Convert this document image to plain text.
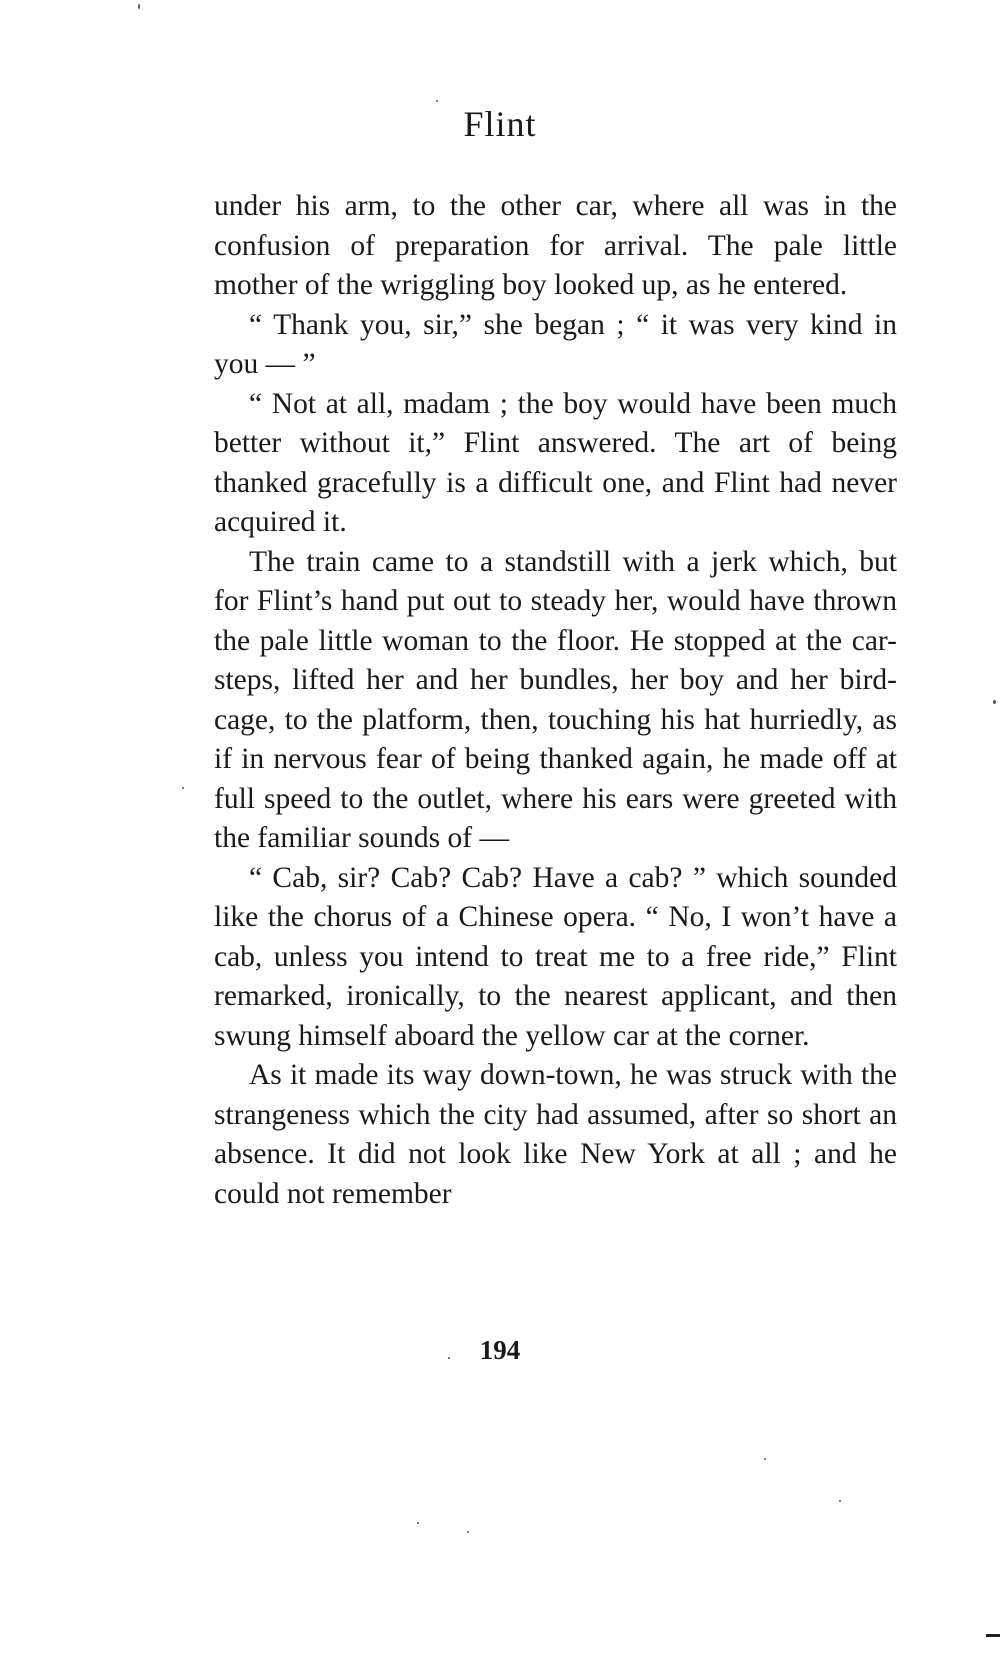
Flint

under his arm, to the other car, where all was in the confusion of preparation for arrival. The pale little mother of the wriggling boy looked up, as he entered.

“ Thank you, sir,” she began ; “ it was very kind in you — ”

“ Not at all, madam ; the boy would have been much better without it,” Flint answered. The art of being thanked gracefully is a difficult one, and Flint had never acquired it.

The train came to a standstill with a jerk which, but for Flint’s hand put out to steady her, would have thrown the pale little woman to the floor. He stopped at the car-steps, lifted her and her bundles, her boy and her bird-cage, to the platform, then, touching his hat hurriedly, as if in nervous fear of being thanked again, he made off at full speed to the outlet, where his ears were greeted with the familiar sounds of —

“ Cab, sir? Cab? Cab? Have a cab? ” which sounded like the chorus of a Chinese opera. “ No, I won’t have a cab, unless you intend to treat me to a free ride,” Flint remarked, ironically, to the nearest applicant, and then swung himself aboard the yellow car at the corner.

As it made its way down-town, he was struck with the strangeness which the city had assumed, after so short an absence. It did not look like New York at all ; and he could not remember

194
